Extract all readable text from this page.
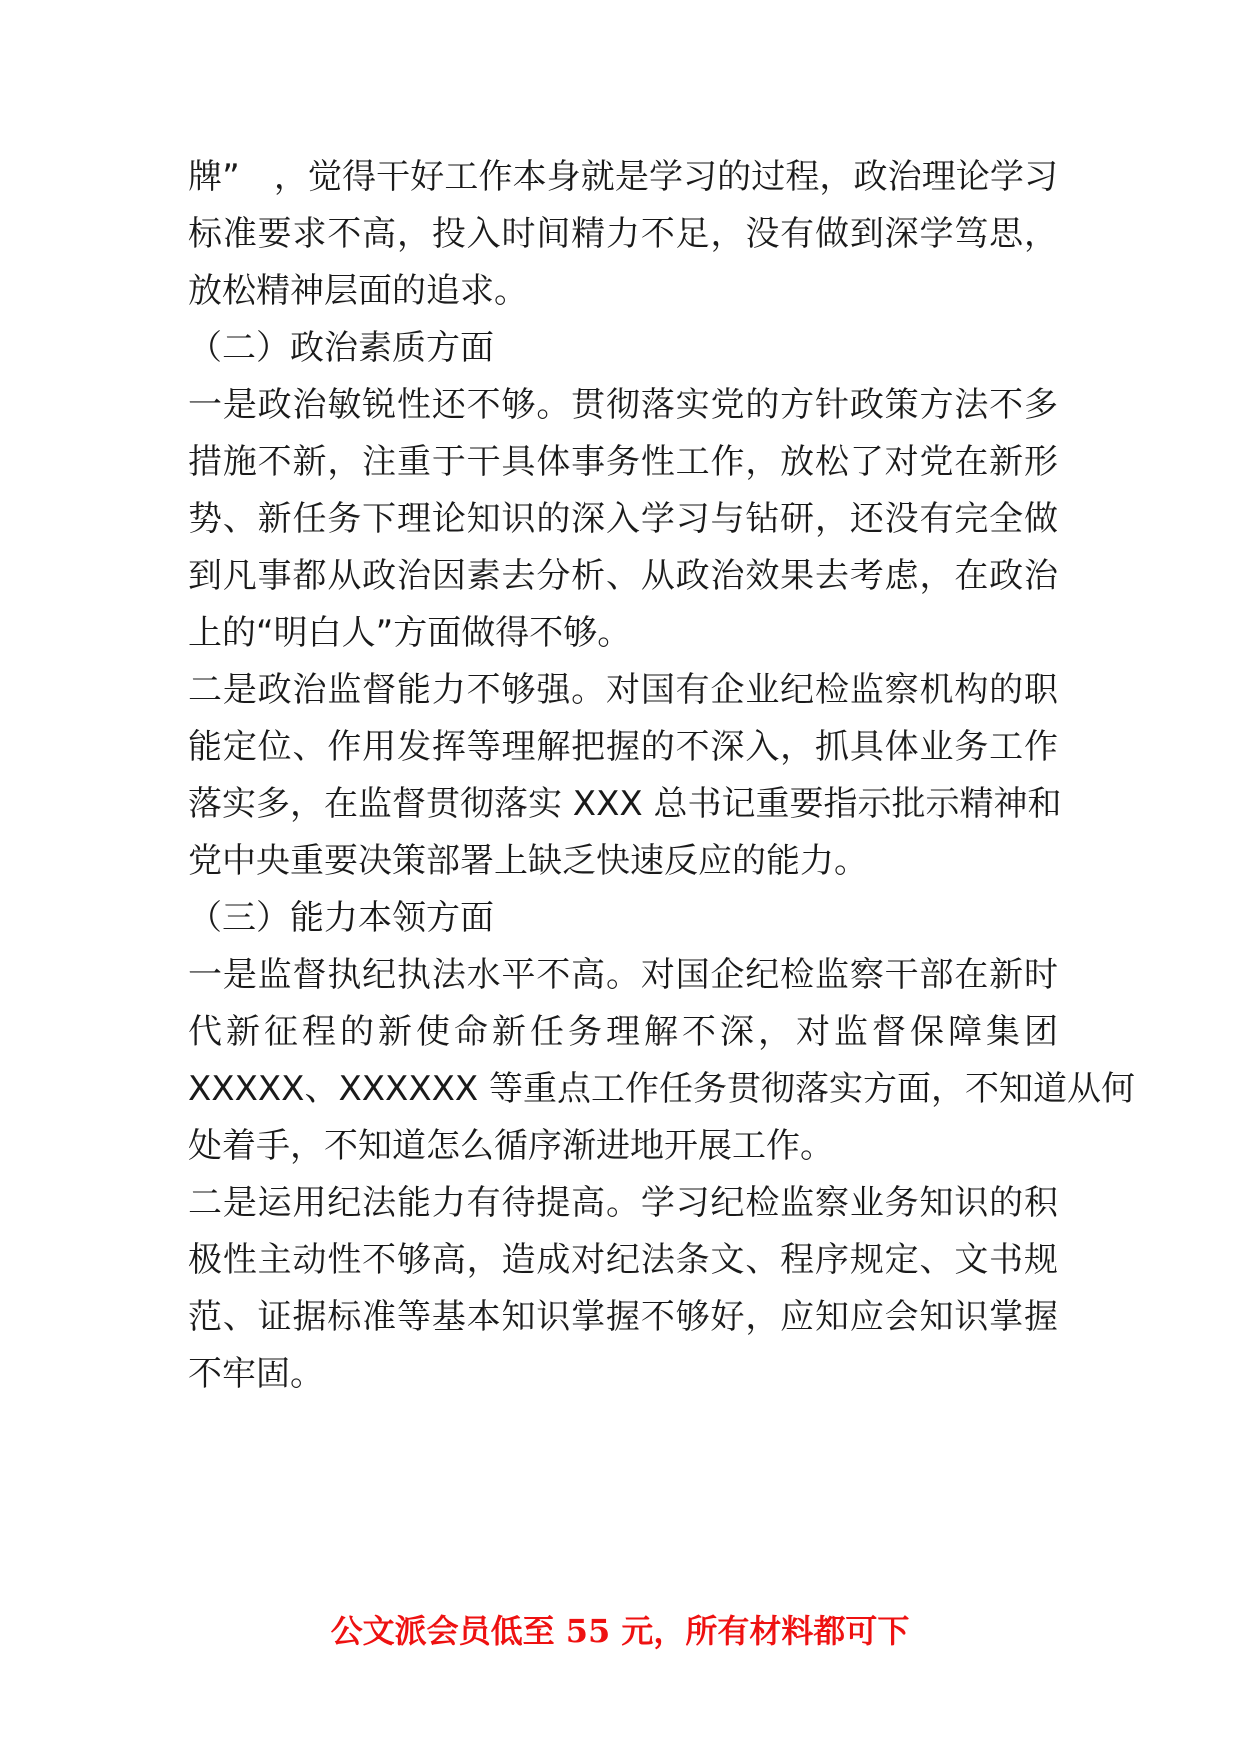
牌”　，觉得干好工作本身就是学习的过程，政治理论学习
标准要求不高，投入时间精力不足，没有做到深学笃思，
放松精神层面的追求。
（二）政治素质方面
一是政治敏锐性还不够。贯彻落实党的方针政策方法不多
措施不新，注重于干具体事务性工作，放松了对党在新形
势、新任务下理论知识的深入学习与钻研，还没有完全做
到凡事都从政治因素去分析、从政治效果去考虑，在政治
上的“明白人”方面做得不够。
二是政治监督能力不够强。对国有企业纪检监察机构的职
能定位、作用发挥等理解把握的不深入，抓具体业务工作
落实多，在监督贯彻落实 XXX 总书记重要指示批示精神和
党中央重要决策部署上缺乏快速反应的能力。
（三）能力本领方面
一是监督执纪执法水平不高。对国企纪检监察干部在新时
代新征程的新使命新任务理解不深，对监督保障集团
XXXXX、XXXXXX 等重点工作任务贯彻落实方面，不知道从何
处着手，不知道怎么循序渐进地开展工作。
二是运用纪法能力有待提高。学习纪检监察业务知识的积
极性主动性不够高，造成对纪法条文、程序规定、文书规
范、证据标准等基本知识掌握不够好，应知应会知识掌握
不牢固。
公文派会员低至 55 元，所有材料都可下
